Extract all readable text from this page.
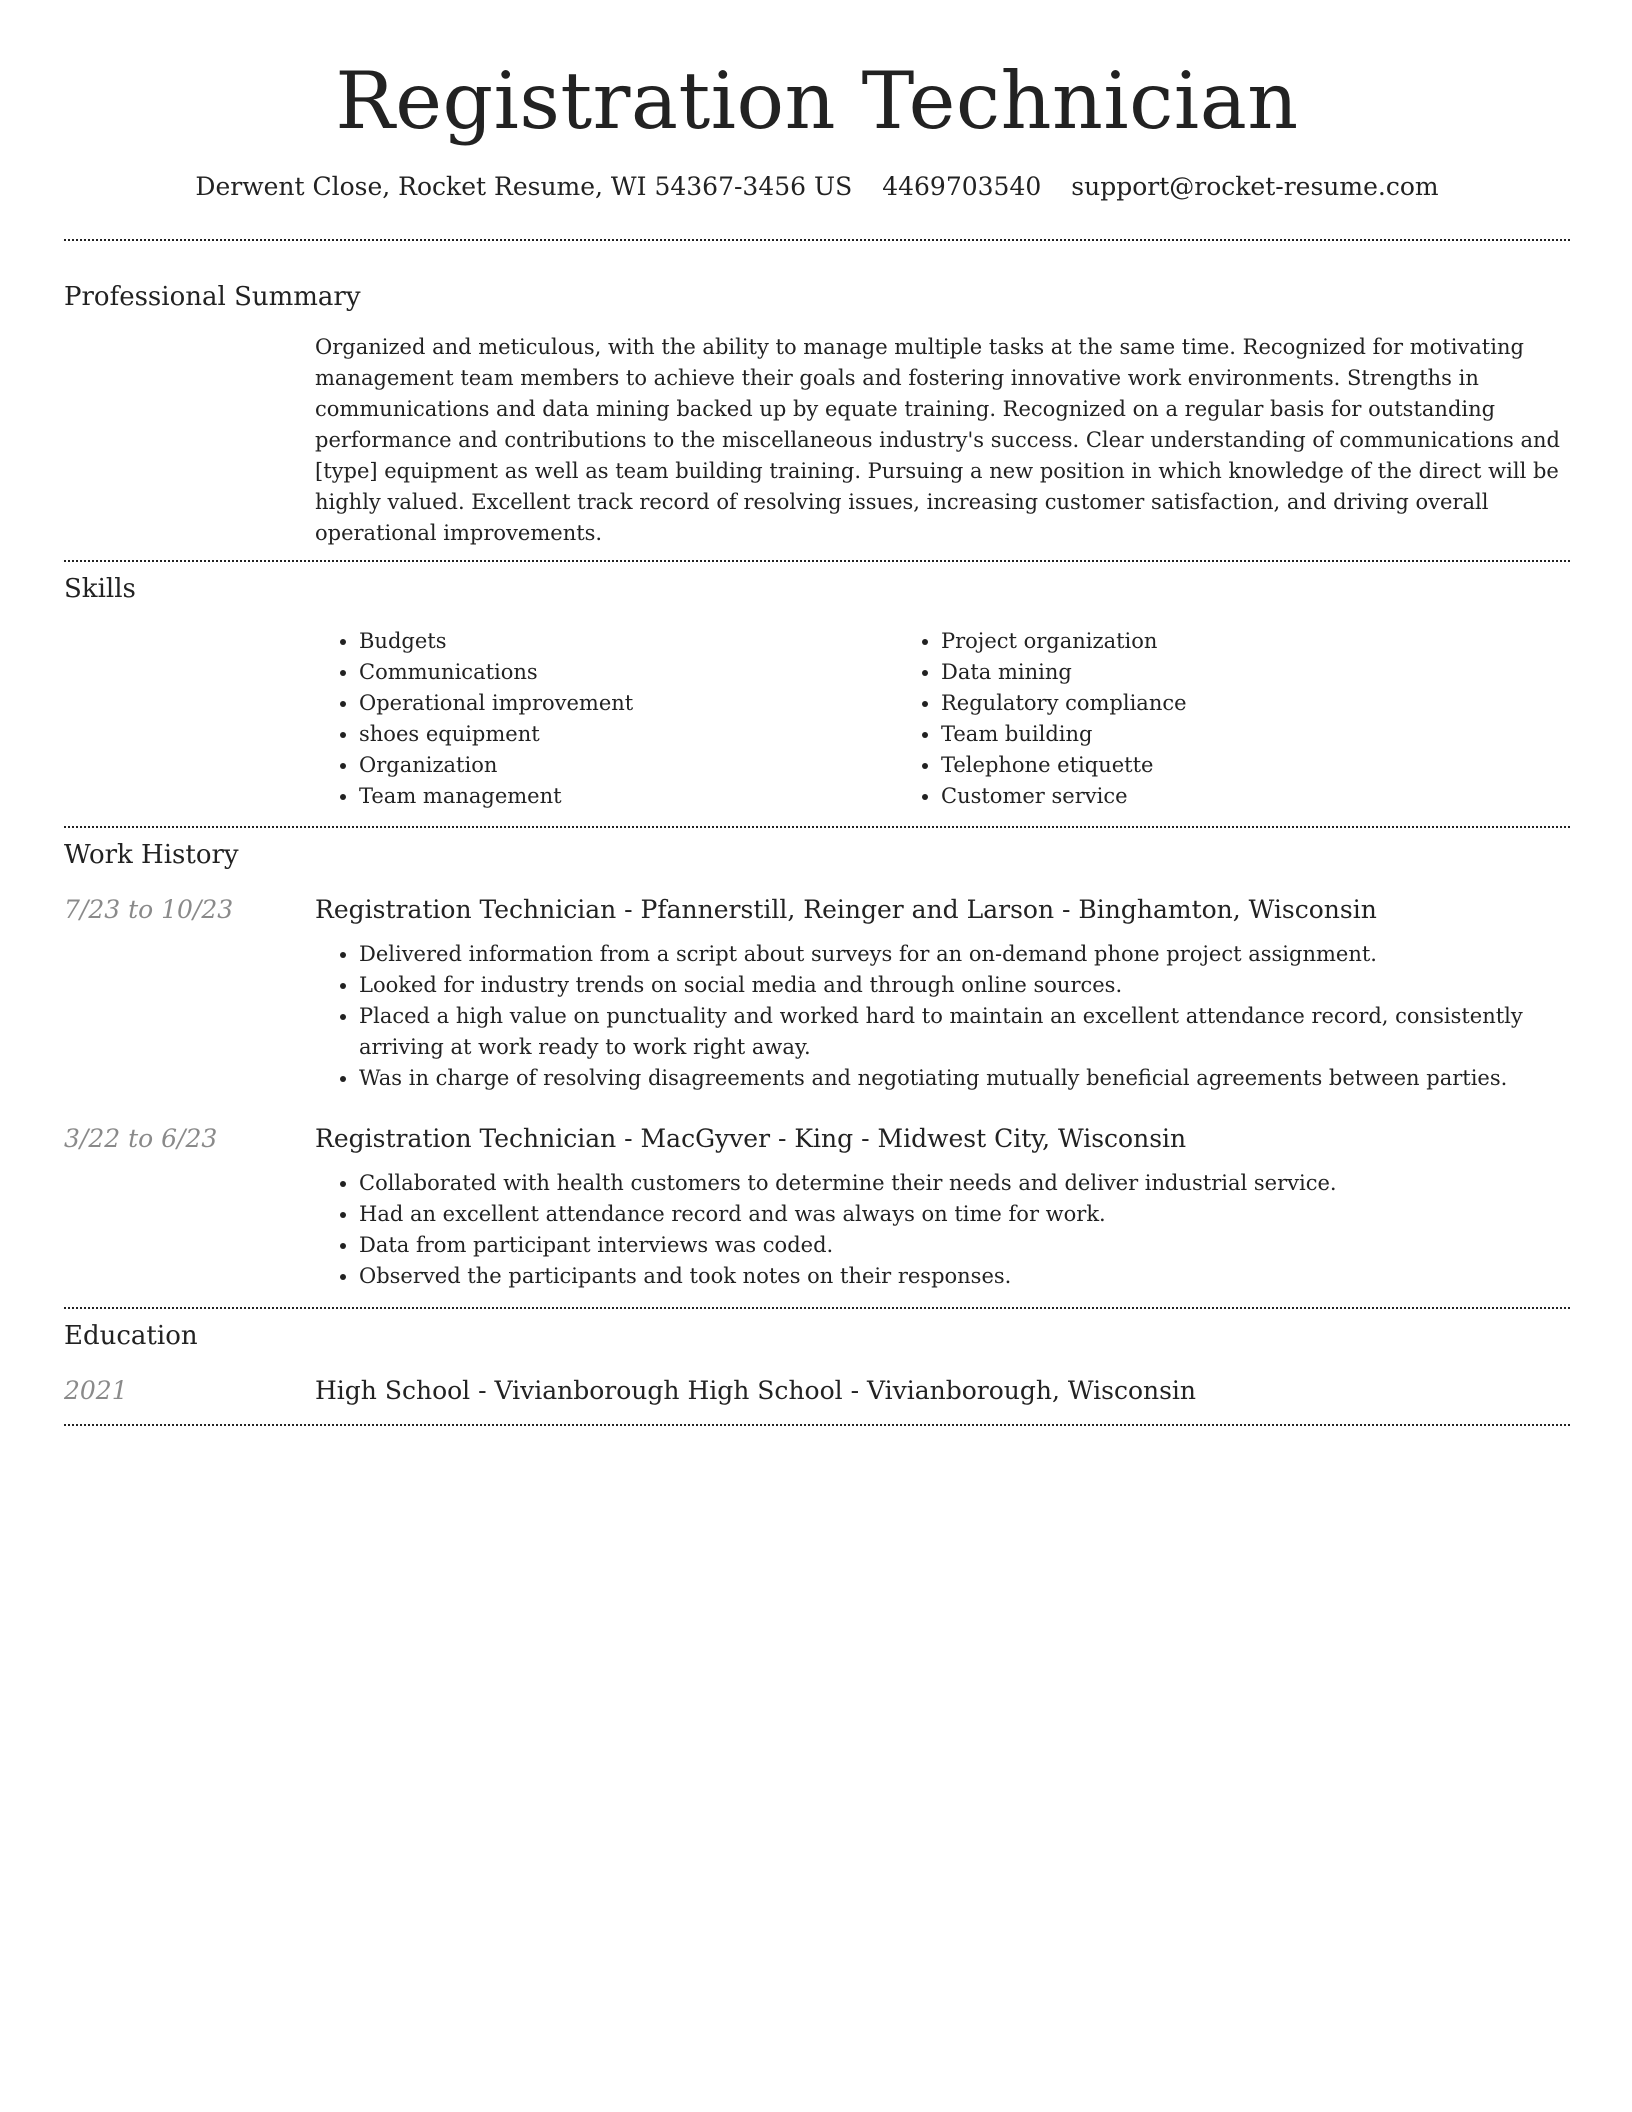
Registration Technician
Derwent Close, Rocket Resume, WI 54367-3456 US 4469703540 support@rocket-resume.com
Professional Summary

Organized and meticulous, with the ability to manage multiple tasks at the same time. Recognized for motivating management team members to achieve their goals and fostering innovative work environments. Strengths in communications and data mining backed up by equate training. Recognized on a regular basis for outstanding performance and contributions to the miscellaneous industry's success. Clear understanding of communications and [type] equipment as well as team building training. Pursuing a new position in which knowledge of the direct will be highly valued. Excellent track record of resolving issues, increasing customer satisfaction, and driving overall operational improvements.

Skills
• Budgets
• Communications
• Operational improvement
• shoes equipment
• Organization
• Team management
• Project organization
• Data mining
• Regulatory compliance
• Team building
• Telephone etiquette
• Customer service
Work History
7/23 to 10/23	Registration Technician - Pfannerstill, Reinger and Larson - Binghamton, Wisconsin
• Delivered information from a script about surveys for an on-demand phone project assignment.
• Looked for industry trends on social media and through online sources.
• Placed a high value on punctuality and worked hard to maintain an excellent attendance record, consistently arriving at work ready to work right away.
• Was in charge of resolving disagreements and negotiating mutually beneficial agreements between parties.
3/22 to 6/23	Registration Technician - MacGyver - King - Midwest City, Wisconsin
• Collaborated with health customers to determine their needs and deliver industrial service.
• Had an excellent attendance record and was always on time for work.
• Data from participant interviews was coded.
• Observed the participants and took notes on their responses.
Education
2021	High School - Vivianborough High School - Vivianborough, Wisconsin
